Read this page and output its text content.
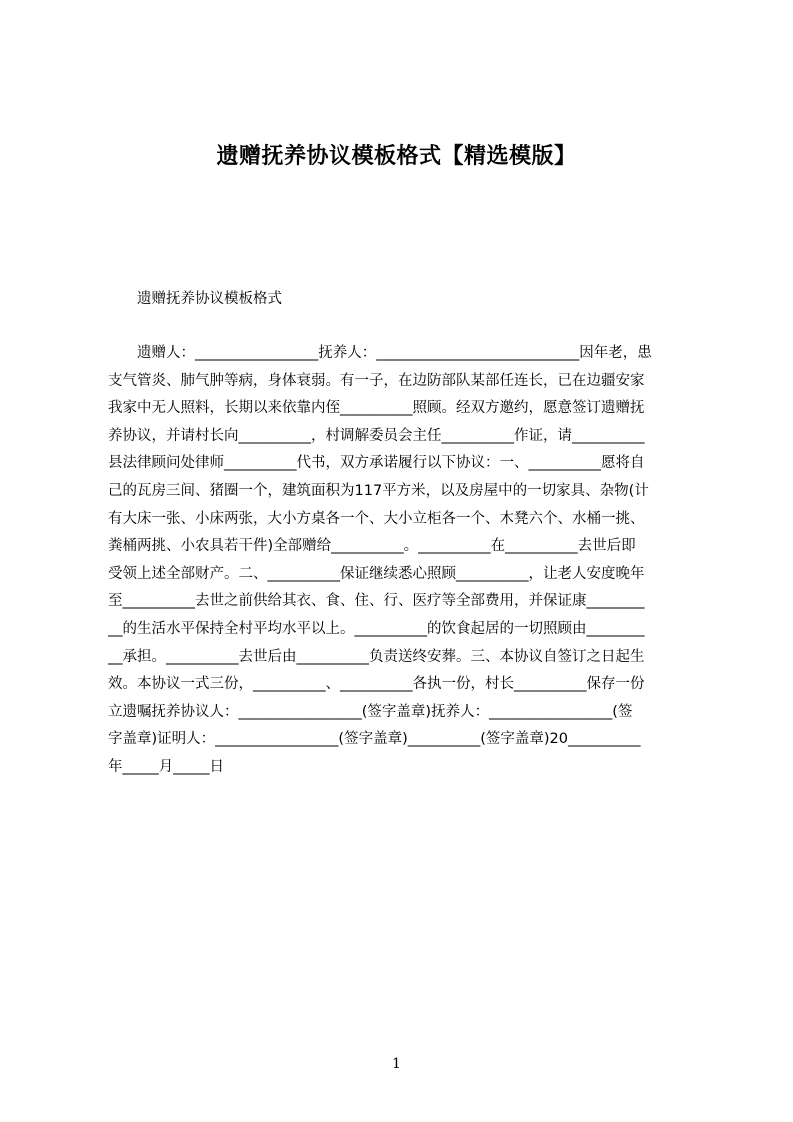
遗赠抚养协议模板格式【精选模版】
遗赠抚养协议模板格式
遗赠人：_________________抚养人：____________________________因年老，患
支气管炎、肺气肿等病，身体衰弱。有一子，在边防部队某部任连长，已在边疆安家
我家中无人照料，长期以来依靠内侄__________照顾。经双方邀约，愿意签订遗赠抚
养协议，并请村长向__________，村调解委员会主任__________作证，请__________
县法律顾问处律师__________代书，双方承诺履行以下协议：一、__________愿将自
己的瓦房三间、猪圈一个，建筑面积为117平方米，以及房屋中的一切家具、杂物(计
有大床一张、小床两张，大小方桌各一个、大小立柜各一个、木凳六个、水桶一挑、
粪桶两挑、小农具若干件)全部赠给__________。__________在__________去世后即
受领上述全部财产。二、__________保证继续悉心照顾__________，让老人安度晚年
至__________去世之前供给其衣、食、住、行、医疗等全部费用，并保证康________
__的生活水平保持全村平均水平以上。__________的饮食起居的一切照顾由________
__承担。__________去世后由__________负责送终安葬。三、本协议自签订之日起生
效。本协议一式三份，__________、__________各执一份，村长__________保存一份
立遗嘱抚养协议人：_________________(签字盖章)抚养人：_________________(签
字盖章)证明人：_________________(签字盖章)__________(签字盖章)20__________
年_____月_____日
1
